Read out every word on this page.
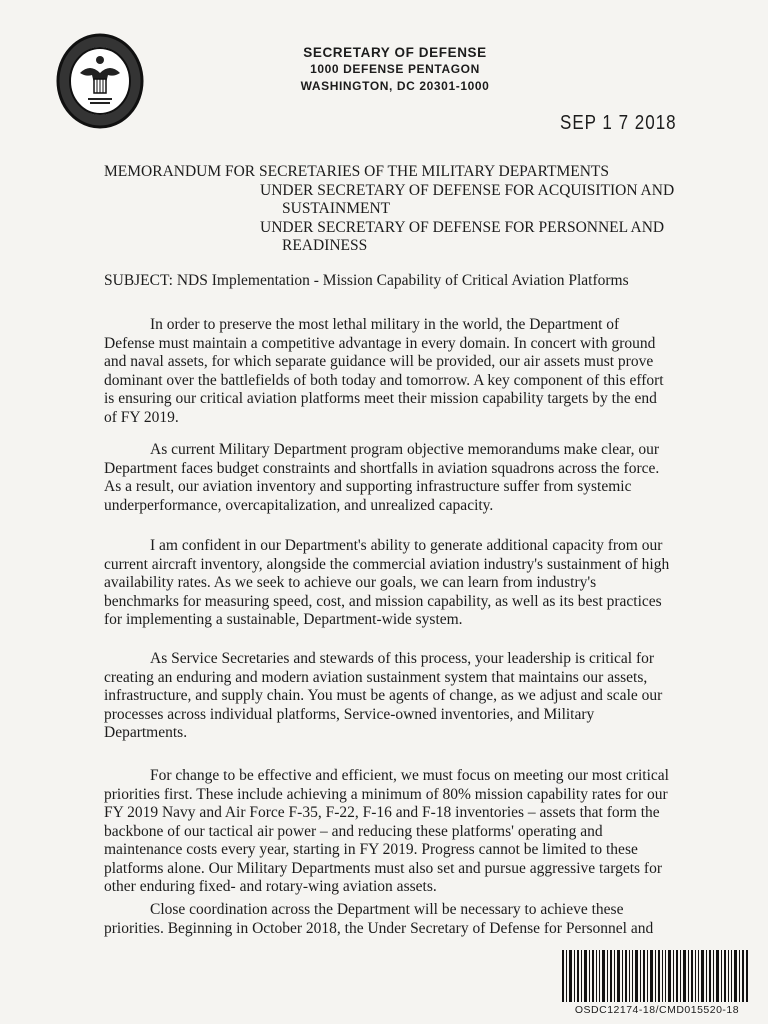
SECRETARY OF DEFENSE
1000 DEFENSE PENTAGON
WASHINGTON, DC 20301-1000
SEP 1 7 2018
MEMORANDUM FOR SECRETARIES OF THE MILITARY DEPARTMENTS
UNDER SECRETARY OF DEFENSE FOR ACQUISITION AND
SUSTAINMENT
UNDER SECRETARY OF DEFENSE FOR PERSONNEL AND
READINESS
SUBJECT: NDS Implementation - Mission Capability of Critical Aviation Platforms
In order to preserve the most lethal military in the world, the Department of Defense must maintain a competitive advantage in every domain. In concert with ground and naval assets, for which separate guidance will be provided, our air assets must prove dominant over the battlefields of both today and tomorrow. A key component of this effort is ensuring our critical aviation platforms meet their mission capability targets by the end of FY 2019.
As current Military Department program objective memorandums make clear, our Department faces budget constraints and shortfalls in aviation squadrons across the force. As a result, our aviation inventory and supporting infrastructure suffer from systemic underperformance, overcapitalization, and unrealized capacity.
I am confident in our Department's ability to generate additional capacity from our current aircraft inventory, alongside the commercial aviation industry's sustainment of high availability rates. As we seek to achieve our goals, we can learn from industry's benchmarks for measuring speed, cost, and mission capability, as well as its best practices for implementing a sustainable, Department-wide system.
As Service Secretaries and stewards of this process, your leadership is critical for creating an enduring and modern aviation sustainment system that maintains our assets, infrastructure, and supply chain. You must be agents of change, as we adjust and scale our processes across individual platforms, Service-owned inventories, and Military Departments.
For change to be effective and efficient, we must focus on meeting our most critical priorities first. These include achieving a minimum of 80% mission capability rates for our FY 2019 Navy and Air Force F-35, F-22, F-16 and F-18 inventories – assets that form the backbone of our tactical air power – and reducing these platforms' operating and maintenance costs every year, starting in FY 2019. Progress cannot be limited to these platforms alone. Our Military Departments must also set and pursue aggressive targets for other enduring fixed- and rotary-wing aviation assets.
Close coordination across the Department will be necessary to achieve these priorities. Beginning in October 2018, the Under Secretary of Defense for Personnel and
OSDC12174-18/CMD015520-18
